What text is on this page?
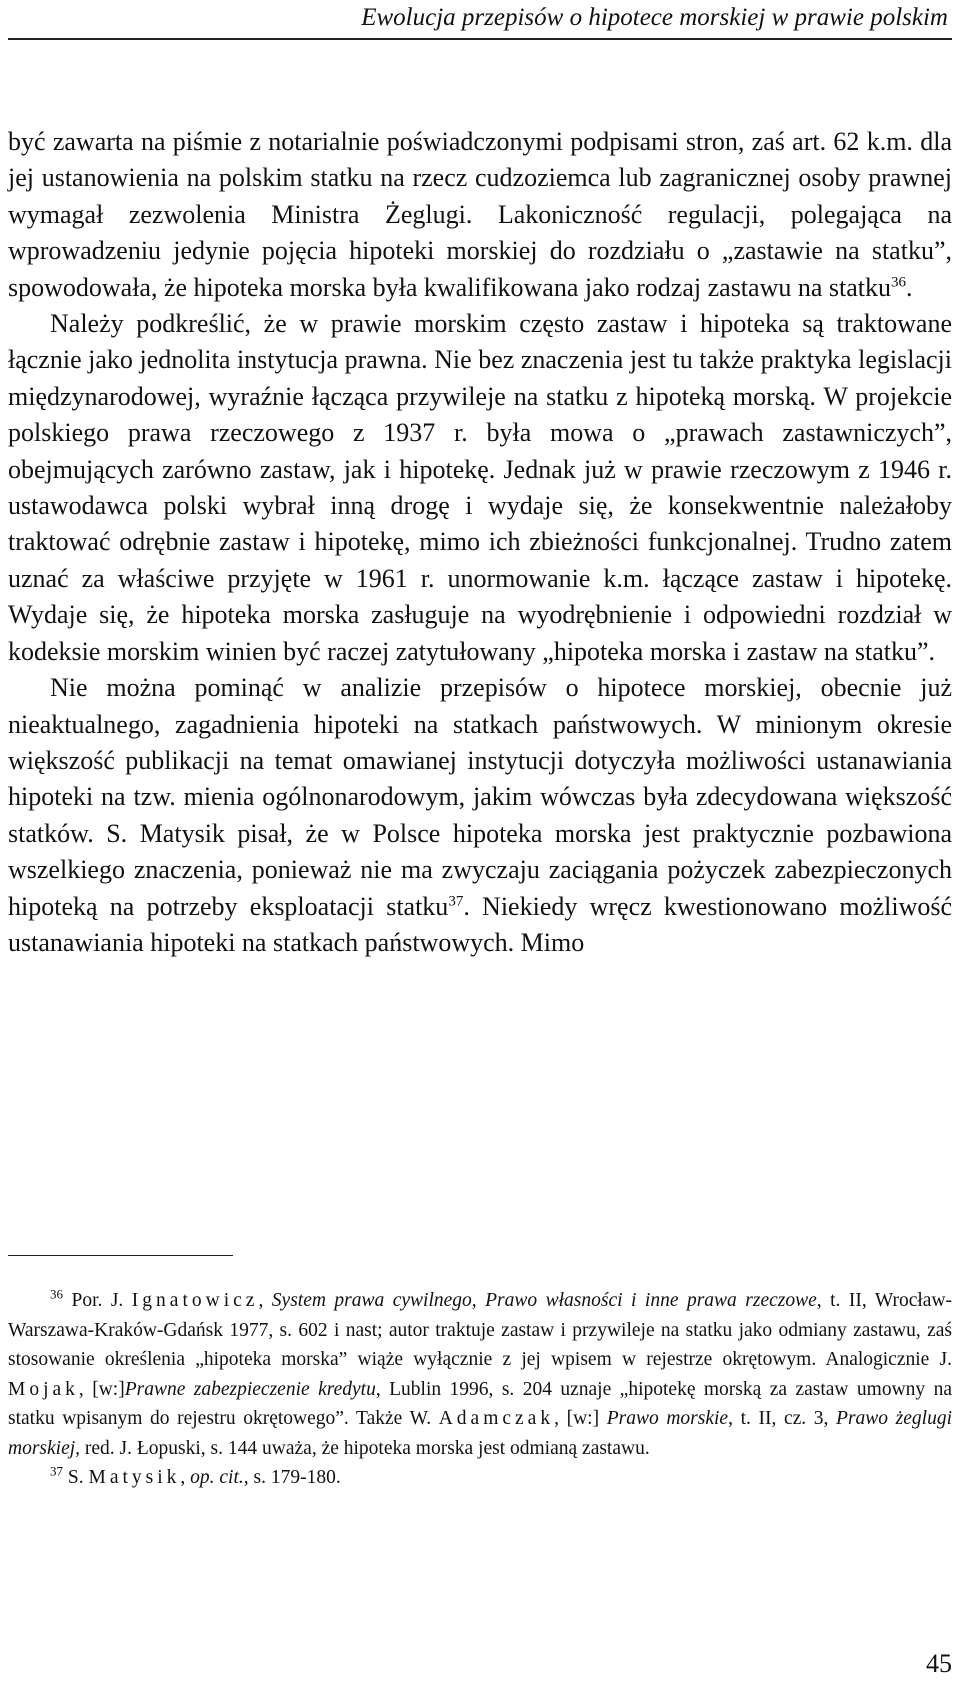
Ewolucja przepisów o hipotece morskiej w prawie polskim

być zawarta na piśmie z notarialnie poświadczonymi podpisami stron, zaś art. 62 k.m. dla jej ustanowienia na polskim statku na rzecz cudzoziemca lub zagranicznej osoby prawnej wymagał zezwolenia Ministra Żeglugi. Lakoniczność regulacji, polegająca na wprowadzeniu jedynie pojęcia hipoteki morskiej do rozdziału o „zastawie na statku”, spowodowała, że hipoteka morska była kwalifikowana jako rodzaj zastawu na statku$^{36}$.

Należy podkreślić, że w prawie morskim często zastaw i hipoteka są traktowane łącznie jako jednolita instytucja prawna. Nie bez znaczenia jest tu także praktyka legislacji międzynarodowej, wyraźnie łącząca przywileje na statku z hipoteką morską. W projekcie polskiego prawa rzeczowego z 1937 r. była mowa o „prawach zastawniczych”, obejmujących zarówno zastaw, jak i hipotekę. Jednak już w prawie rzeczowym z 1946 r. ustawodawca polski wybrał inną drogę i wydaje się, że konsekwentnie należałoby traktować odrębnie zastaw i hipotekę, mimo ich zbieżności funkcjonalnej. Trudno zatem uznać za właściwe przyjęte w 1961 r. unormowanie k.m. łączące zastaw i hipotekę. Wydaje się, że hipoteka morska zasługuje na wyodrębnienie i odpowiedni rozdział w kodeksie morskim winien być raczej zatytułowany „hipoteka morska i zastaw na statku”.

Nie można pominąć w analizie przepisów o hipotece morskiej, obecnie już nieaktualnego, zagadnienia hipoteki na statkach państwowych. W minionym okresie większość publikacji na temat omawianej instytucji dotyczyła możliwości ustanawiania hipoteki na tzw. mienia ogólnonarodowym, jakim wówczas była zdecydowana większość statków. S. Matysik pisał, że w Polsce hipoteka morska jest praktycznie pozbawiona wszelkiego znaczenia, ponieważ nie ma zwyczaju zaciągania pożyczek zabezpieczonych hipoteką na potrzeby eksploatacji statku$^{37}$. Niekiedy wręcz kwestionowano możliwość ustanawiania hipoteki na statkach państwowych. Mimo

$^{36}$ Por. J. Ignatowicz, System prawa cywilnego, Prawo własności i inne prawa rzeczowe, t. II, Wrocław-Warszawa-Kraków-Gdańsk 1977, s. 602 i nast; autor traktuje zastaw i przywileje na statku jako odmiany zastawu, zaś stosowanie określenia „hipoteka morska” wiąże wyłącznie z jej wpisem w rejestrze okrętowym. Analogicznie J. Mojak, [w:]Prawne zabezpieczenie kredytu, Lublin 1996, s. 204 uznaje „hipotekę morską za zastaw umowny na statku wpisanym do rejestru okrętowego”. Także W. Adamczak, [w:] Prawo morskie, t. II, cz. 3, Prawo żeglugi morskiej, red. J. Łopuski, s. 144 uważa, że hipoteka morska jest odmianą zastawu.

$^{37}$ S. Matysik, op. cit., s. 179-180.

45
